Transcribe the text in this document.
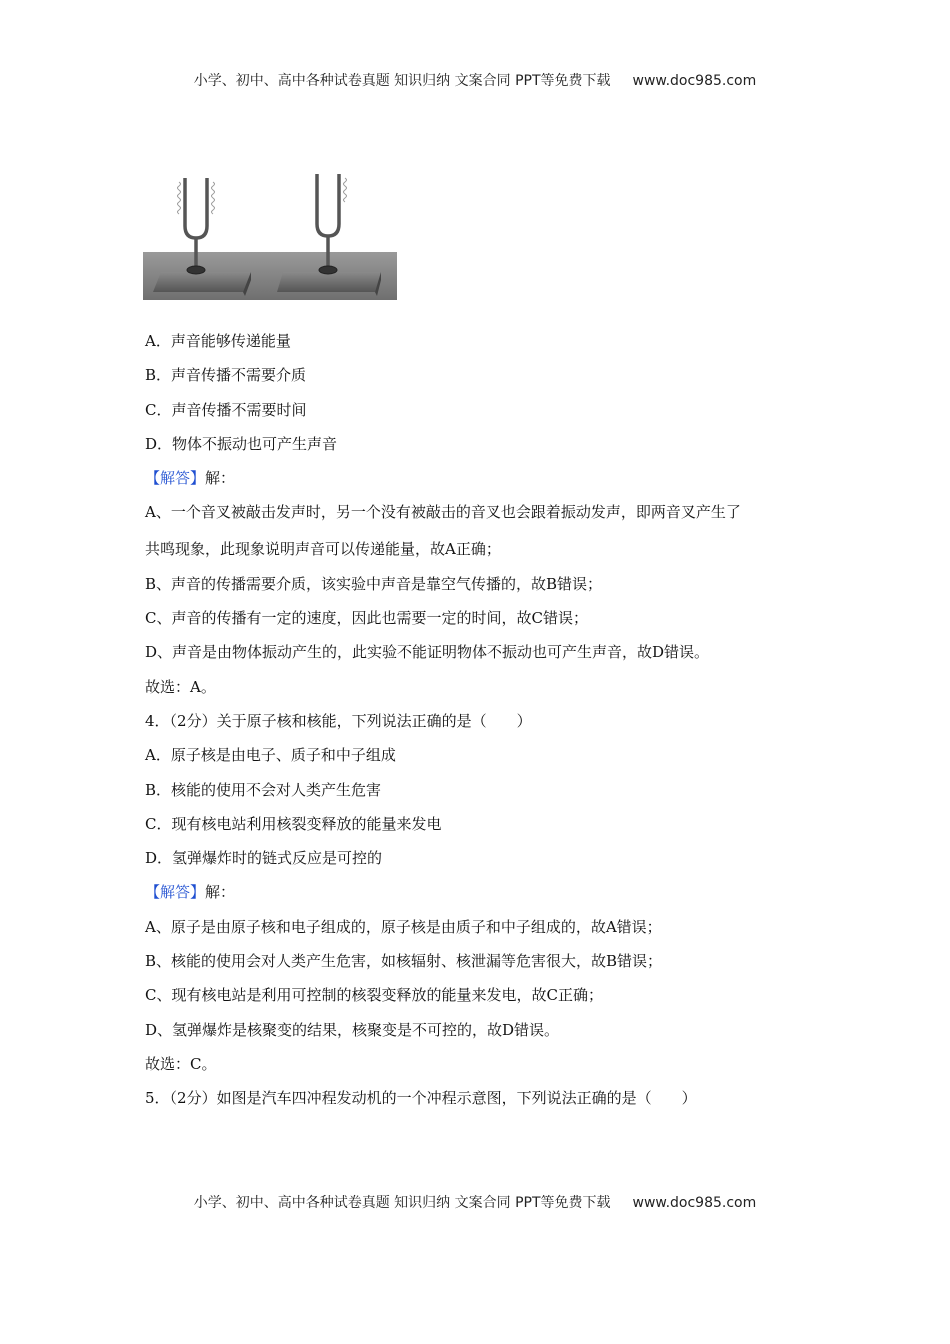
小学、初中、高中各种试卷真题 知识归纳 文案合同 PPT等免费下载 www.doc985.com
A．声音能够传递能量
B．声音传播不需要介质
C．声音传播不需要时间
D．物体不振动也可产生声音
【解答】解：
A、一个音叉被敲击发声时，另一个没有被敲击的音叉也会跟着振动发声，即两音叉产生了
共鸣现象，此现象说明声音可以传递能量，故A正确；
B、声音的传播需要介质，该实验中声音是靠空气传播的，故B错误；
C、声音的传播有一定的速度，因此也需要一定的时间，故C错误；
D、声音是由物体振动产生的，此实验不能证明物体不振动也可产生声音，故D错误。
故选：A。
4．（2分）关于原子核和核能，下列说法正确的是（　　）
A．原子核是由电子、质子和中子组成
B．核能的使用不会对人类产生危害
C．现有核电站利用核裂变释放的能量来发电
D．氢弹爆炸时的链式反应是可控的
【解答】解：
A、原子是由原子核和电子组成的，原子核是由质子和中子组成的，故A错误；
B、核能的使用会对人类产生危害，如核辐射、核泄漏等危害很大，故B错误；
C、现有核电站是利用可控制的核裂变释放的能量来发电，故C正确；
D、氢弹爆炸是核聚变的结果，核聚变是不可控的，故D错误。
故选：C。
5．（2分）如图是汽车四冲程发动机的一个冲程示意图，下列说法正确的是（　　）
小学、初中、高中各种试卷真题 知识归纳 文案合同 PPT等免费下载 www.doc985.com
